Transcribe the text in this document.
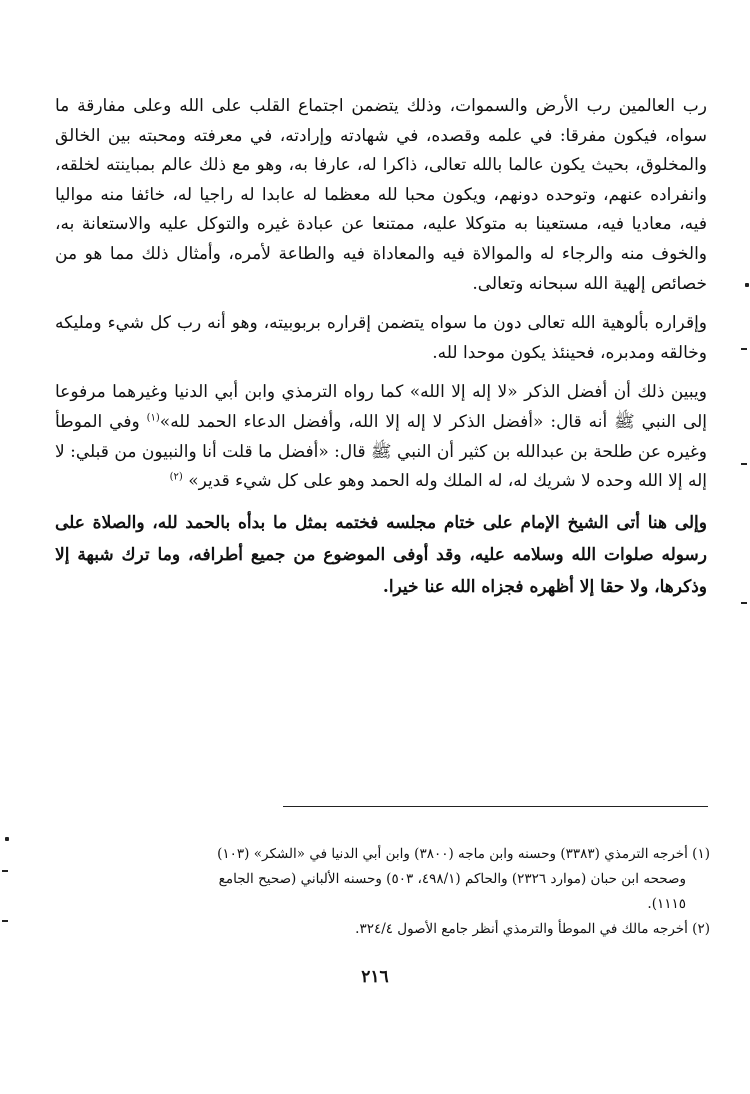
رب العالمين رب الأرض والسموات، وذلك يتضمن اجتماع القلب على الله وعلى مفارقة ما سواه، فيكون مفرقا: في علمه وقصده، في شهادته وإرادته، في معرفته ومحبته بين الخالق والمخلوق، بحيث يكون عالما بالله تعالى، ذاكرا له، عارفا به، وهو مع ذلك عالم بمباينته لخلقه، وانفراده عنهم، وتوحده دونهم، ويكون محبا لله معظما له عابدا له راجيا له، خائفا منه مواليا فيه، معاديا فيه، مستعينا به متوكلا عليه، ممتنعا عن عبادة غيره والتوكل عليه والاستعانة به، والخوف منه والرجاء له والموالاة فيه والمعاداة فيه والطاعة لأمره، وأمثال ذلك مما هو من خصائص إلهية الله سبحانه وتعالى.

وإقراره بألوهية الله تعالى دون ما سواه يتضمن إقراره بربوبيته، وهو أنه رب كل شيء ومليكه وخالقه ومدبره، فحينئذ يكون موحدا لله.

ويبين ذلك أن أفضل الذكر «لا إله إلا الله» كما رواه الترمذي وابن أبي الدنيا وغيرهما مرفوعا إلى النبي ﷺ أنه قال: «أفضل الذكر لا إله إلا الله، وأفضل الدعاء الحمد لله»$^{(١)}$ وفي الموطأ وغيره عن طلحة بن عبدالله بن كثير أن النبي ﷺ قال: «أفضل ما قلت أنا والنبيون من قبلي: لا إله إلا الله وحده لا شريك له، له الملك وله الحمد وهو على كل شيء قدير» $^{(٢)}$

وإلى هنا أتى الشيخ الإمام على ختام مجلسه فختمه بمثل ما بدأه بالحمد لله، والصلاة على رسوله صلوات الله وسلامه عليه، وقد أوفى الموضوع من جميع أطرافه، وما ترك شبهة إلا وذكرها، ولا حقا إلا أظهره فجزاه الله عنا خيرا.

(١) أخرجه الترمذي (٣٣٨٣) وحسنه وابن ماجه (٣٨٠٠) وابن أبي الدنيا في «الشكر» (١٠٣)

وصححه ابن حبان (موارد ٢٣٢٦) والحاكم (٤٩٨/١، ٥٠٣) وحسنه الألباني (صحيح الجامع

١١١٥).

(٢) أخرجه مالك في الموطأ والترمذي أنظر جامع الأصول ٣٢٤/٤.

٢١٦
